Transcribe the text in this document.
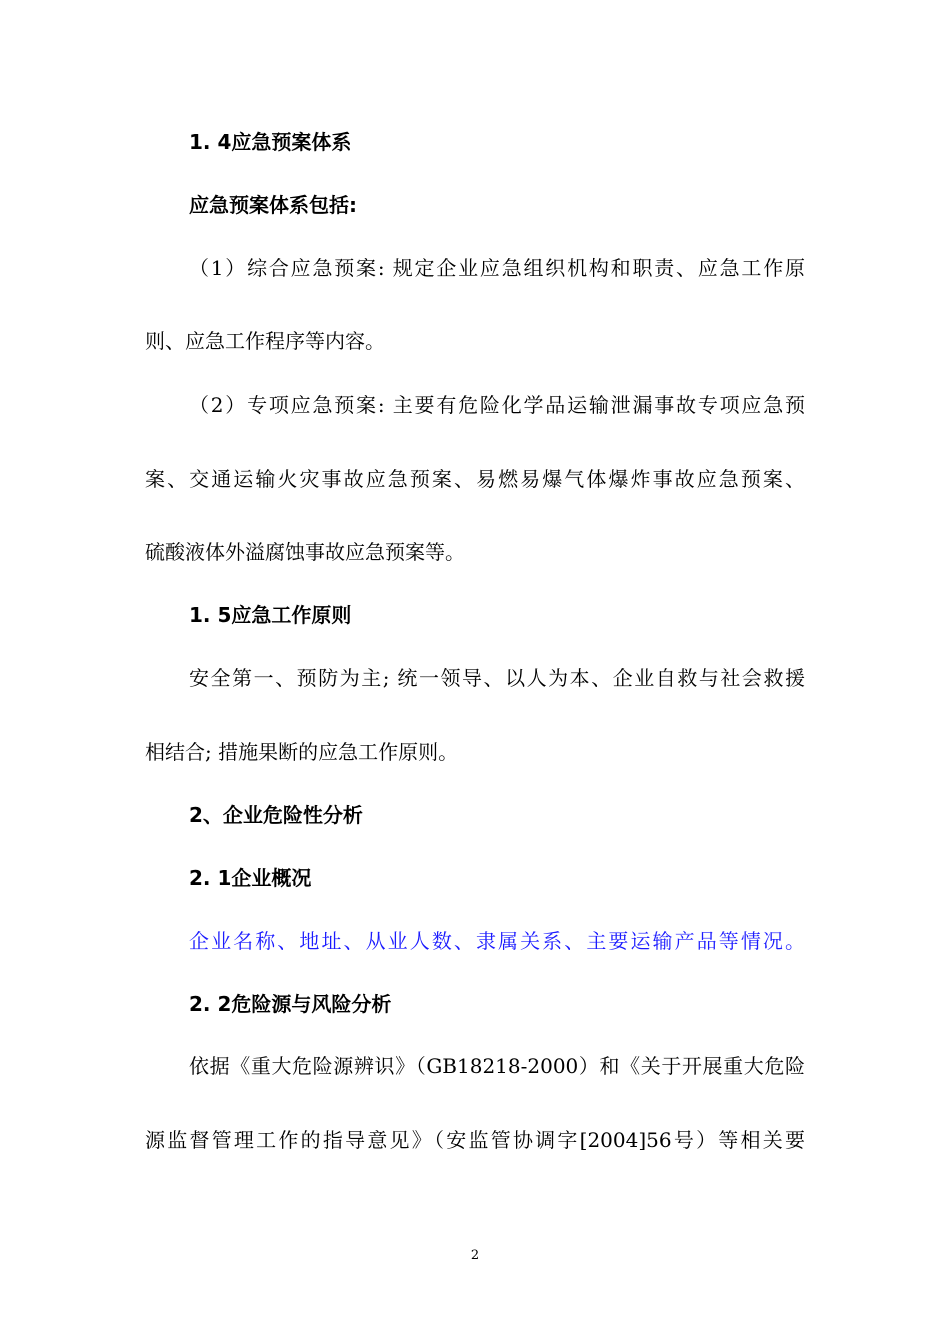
1. 4应急预案体系
应急预案体系包括:
（1）综合应急预案: 规定企业应急组织机构和职责、应急工作原
则、应急工作程序等内容。
（2）专项应急预案: 主要有危险化学品运输泄漏事故专项应急预
案、交通运输火灾事故应急预案、易燃易爆气体爆炸事故应急预案、
硫酸液体外溢腐蚀事故应急预案等。
1. 5应急工作原则
安全第一、预防为主; 统一领导、以人为本、企业自救与社会救援
相结合; 措施果断的应急工作原则。
2、企业危险性分析
2. 1企业概况
企业名称、地址、从业人数、隶属关系、主要运输产品等情况。
2. 2危险源与风险分析
依据《重大危险源辨识》（GB18218-2000）和《关于开展重大危险
源监督管理工作的指导意见》（安监管协调字[2004]56号）等相关要
2
